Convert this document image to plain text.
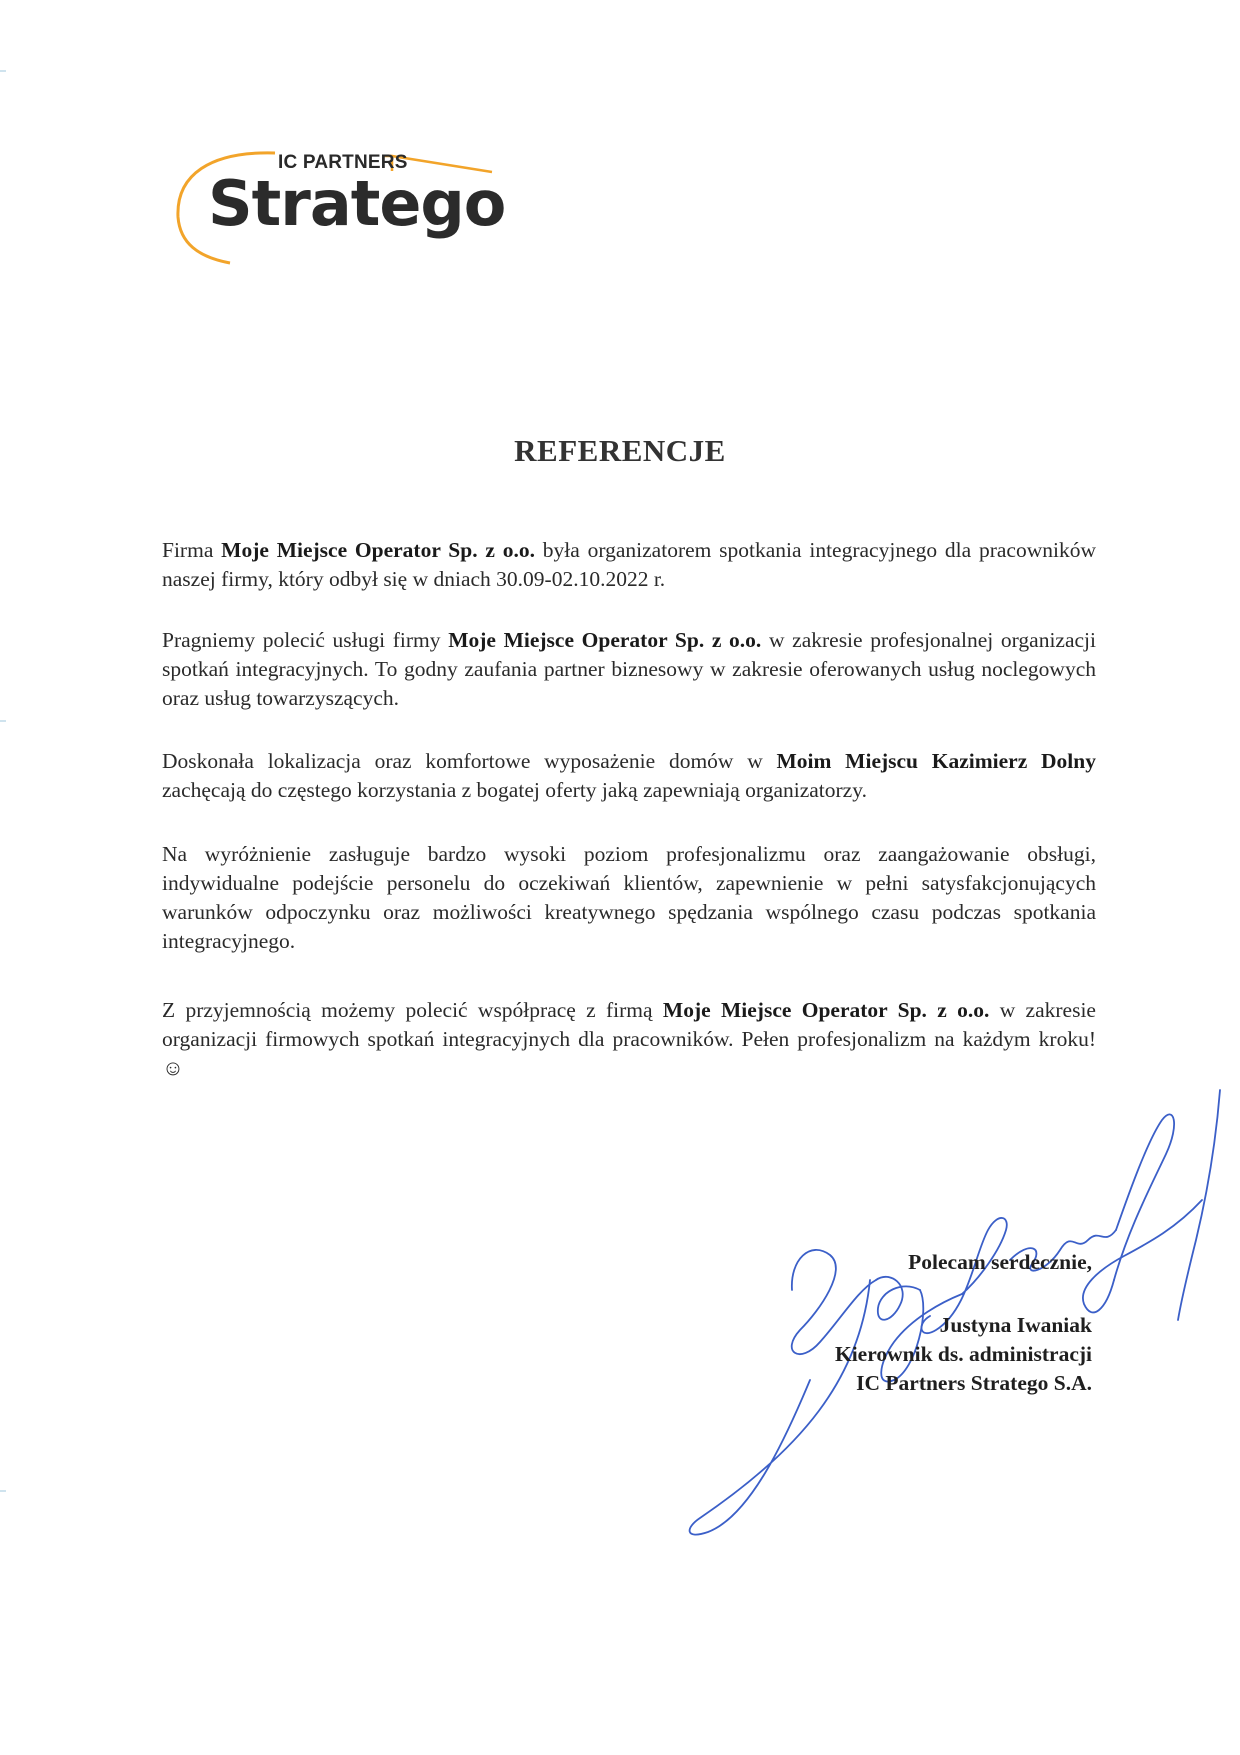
IC PARTNERS
Stratego
REFERENCJE
Firma Moje Miejsce Operator Sp. z o.o. była organizatorem spotkania integracyjnego dla pracowników naszej firmy, który odbył się w dniach 30.09-02.10.2022 r.
Pragniemy polecić usługi firmy Moje Miejsce Operator Sp. z o.o. w zakresie profesjonalnej organizacji spotkań integracyjnych. To godny zaufania partner biznesowy w zakresie oferowanych usług noclegowych oraz usług towarzyszących.
Doskonała lokalizacja oraz komfortowe wyposażenie domów w Moim Miejscu Kazimierz Dolny zachęcają do częstego korzystania z bogatej oferty jaką zapewniają organizatorzy.
Na wyróżnienie zasługuje bardzo wysoki poziom profesjonalizmu oraz zaangażowanie obsługi, indywidualne podejście personelu do oczekiwań klientów, zapewnienie w pełni satysfakcjonujących warunków odpoczynku oraz możliwości kreatywnego spędzania wspólnego czasu podczas spotkania integracyjnego.
Z przyjemnością możemy polecić współpracę z firmą Moje Miejsce Operator Sp. z o.o. w zakresie organizacji firmowych spotkań integracyjnych dla pracowników. Pełen profesjonalizm na każdym kroku! ☺
Polecam serdecznie,
Justyna Iwaniak
Kierownik ds. administracji
IC Partners Stratego S.A.
